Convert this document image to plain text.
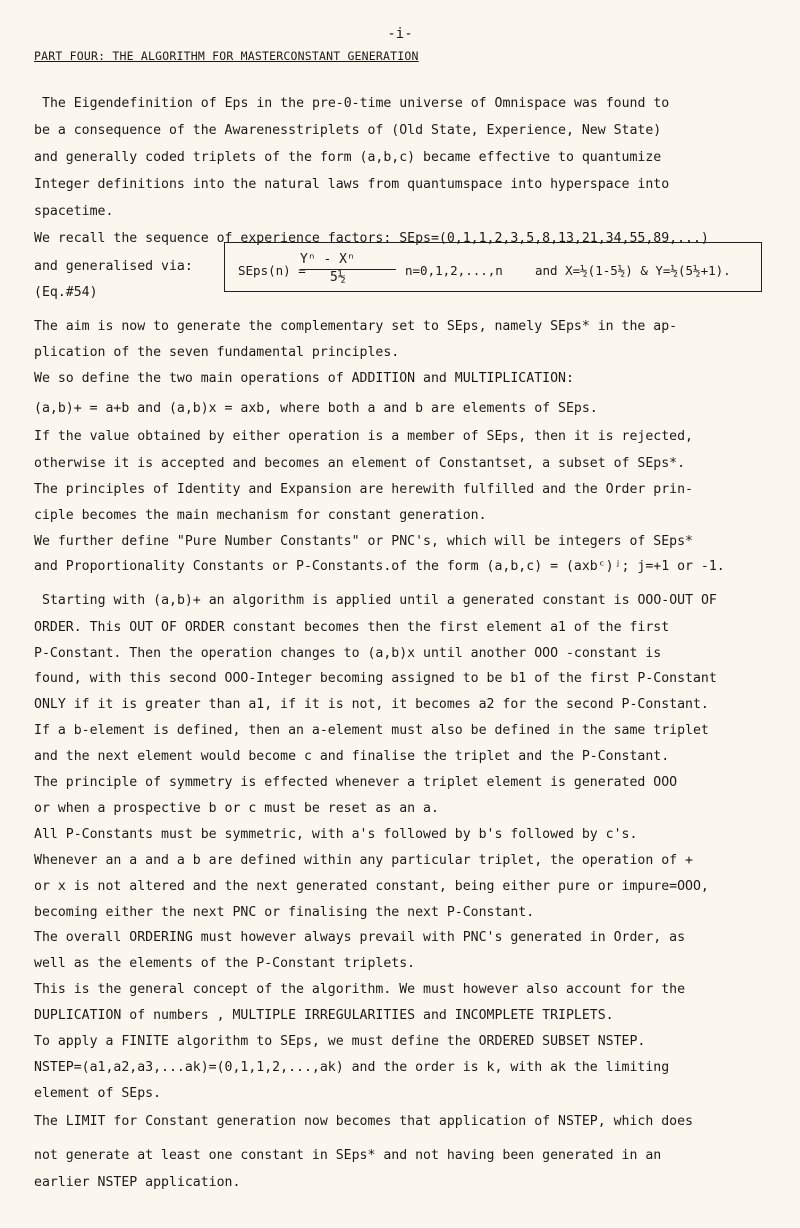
-i-
PART FOUR: THE ALGORITHM FOR MASTERCONSTANT GENERATION
The Eigendefinition of Eps in the pre-0-time universe of Omnispace was found to
be a consequence of the Awarenesstriplets of (Old State, Experience, New State)
and generally coded triplets of the form (a,b,c) became effective to quantumize
Integer definitions into the natural laws from quantumspace into hyperspace into
spacetime.
We recall the sequence of experience factors: SEps=(0,1,1,2,3,5,8,13,21,34,55,89,...)
and generalised via:
(Eq.#54)
SEps(n) =
Yⁿ - Xⁿ
5½	n=0,1,2,...,n	and X=½(1-5½) & Y=½(5½+1).
The aim is now to generate the complementary set to SEps, namely SEps* in the ap-
plication of the seven fundamental principles.
We so define the two main operations of ADDITION and MULTIPLICATION:
(a,b)+ = a+b and (a,b)x = axb, where both a and b are elements of SEps.
If the value obtained by either operation is a member of SEps, then it is rejected,
otherwise it is accepted and becomes an element of Constantset, a subset of SEps*.
The principles of Identity and Expansion are herewith fulfilled and the Order prin-
ciple becomes the main mechanism for constant generation.
We further define "Pure Number Constants" or PNC's, which will be integers of SEps*
and Proportionality Constants or P-Constants.of the form (a,b,c) = (axbᶜ)ʲ; j=+1 or -1.
Starting with (a,b)+ an algorithm is applied until a generated constant is OOO-OUT OF
ORDER. This OUT OF ORDER constant becomes then the first element a1 of the first
P-Constant. Then the operation changes to (a,b)x until another OOO -constant is
found, with this second OOO-Integer becoming assigned to be b1 of the first P-Constant
ONLY if it is greater than a1, if it is not, it becomes a2 for the second P-Constant.
If a b-element is defined, then an a-element must also be defined in the same triplet
and the next element would become c and finalise the triplet and the P-Constant.
The principle of symmetry is effected whenever a triplet element is generated OOO
or when a prospective b or c must be reset as an a.
All P-Constants must be symmetric, with a's followed by b's followed by c's.
Whenever an a and a b are defined within any particular triplet, the operation of +
or x is not altered and the next generated constant, being either pure or impure=OOO,
becoming either the next PNC or finalising the next P-Constant.
The overall ORDERING must however always prevail with PNC's generated in Order, as
well as the elements of the P-Constant triplets.
This is the general concept of the algorithm. We must however also account for the
DUPLICATION of numbers , MULTIPLE IRREGULARITIES and INCOMPLETE TRIPLETS.
To apply a FINITE algorithm to SEps, we must define the ORDERED SUBSET NSTEP.
NSTEP=(a1,a2,a3,...ak)=(0,1,1,2,...,ak) and the order is k, with ak the limiting
element of SEps.
The LIMIT for Constant generation now becomes that application of NSTEP, which does
not generate at least one constant in SEps* and not having been generated in an
earlier NSTEP application.
